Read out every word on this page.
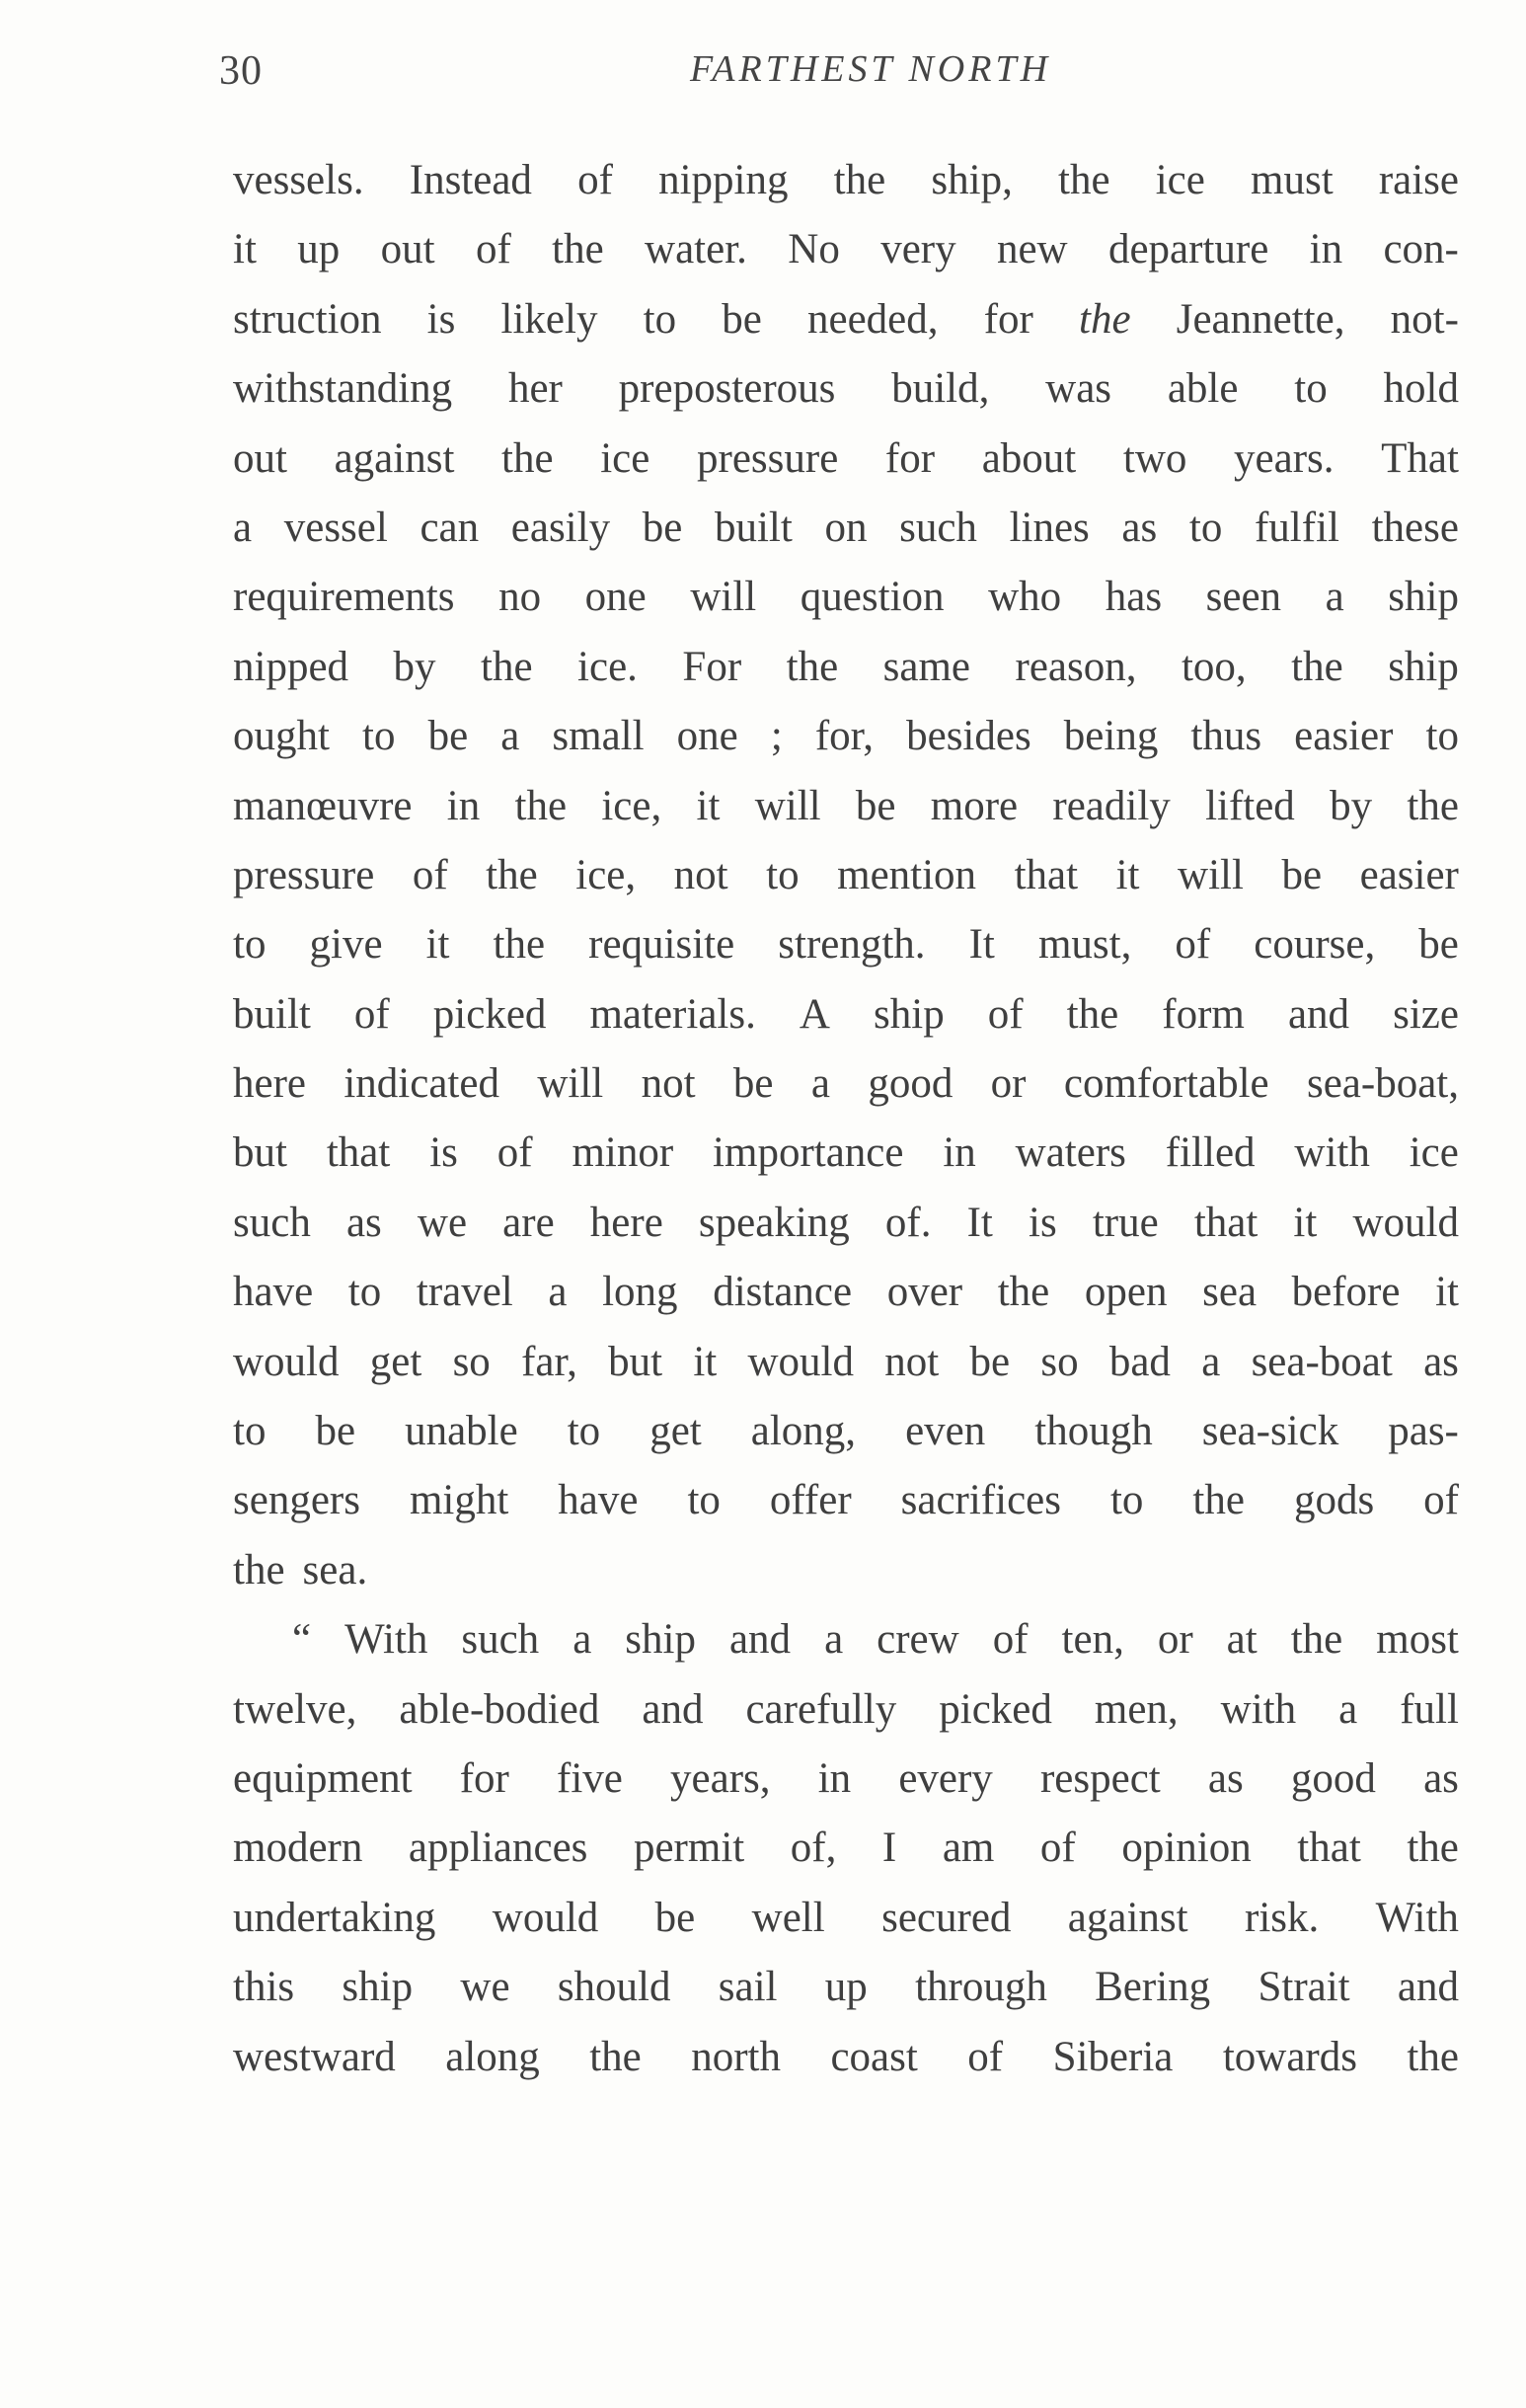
30	FARTHEST NORTH
vessels. Instead of nipping the ship, the ice must raise
it up out of the water. No very new departure in con-
struction is likely to be needed, for the Jeannette, not-
withstanding her preposterous build, was able to hold
out against the ice pressure for about two years. That
a vessel can easily be built on such lines as to fulfil these
requirements no one will question who has seen a ship
nipped by the ice. For the same reason, too, the ship
ought to be a small one ; for, besides being thus easier to
manœuvre in the ice, it will be more readily lifted by the
pressure of the ice, not to mention that it will be easier
to give it the requisite strength. It must, of course, be
built of picked materials. A ship of the form and size
here indicated will not be a good or comfortable sea-boat,
but that is of minor importance in waters filled with ice
such as we are here speaking of. It is true that it would
have to travel a long distance over the open sea before it
would get so far, but it would not be so bad a sea-boat as
to be unable to get along, even though sea-sick pas-
sengers might have to offer sacrifices to the gods of
the sea.
“ With such a ship and a crew of ten, or at the most
twelve, able-bodied and carefully picked men, with a full
equipment for five years, in every respect as good as
modern appliances permit of, I am of opinion that the
undertaking would be well secured against risk. With
this ship we should sail up through Bering Strait and
westward along the north coast of Siberia towards the
